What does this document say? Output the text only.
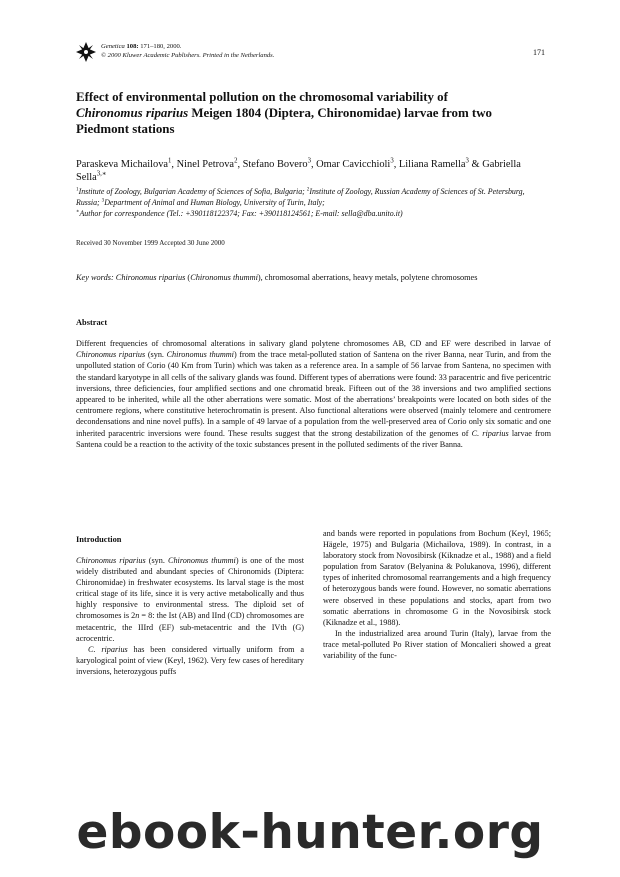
Genetica 108: 171–180, 2000.
© 2000 Kluwer Academic Publishers. Printed in the Netherlands.	171
Effect of environmental pollution on the chromosomal variability of
Chironomus riparius Meigen 1804 (Diptera, Chironomidae) larvae from two Piedmont stations
Paraskeva Michailova$^1$, Ninel Petrova$^2$, Stefano Bovero$^3$, Omar Cavicchioli$^3$, Liliana Ramella$^3$ & Gabriella Sella$^{3,∗}$
$^1$Institute of Zoology, Bulgarian Academy of Sciences of Sofia, Bulgaria; $^2$Institute of Zoology, Russian Academy of Sciences of St. Petersburg, Russia; $^3$Department of Animal and Human Biology, University of Turin, Italy;
∗Author for correspondence (Tel.: +390118122374; Fax: +390118124561; E-mail: sella@dba.unito.it)
Received 30 November 1999 Accepted 30 June 2000
Key words: Chironomus riparius (Chironomus thummi), chromosomal aberrations, heavy metals, polytene chromosomes
Abstract

Different frequencies of chromosomal alterations in salivary gland polytene chromosomes AB, CD and EF were described in larvae of Chironomus riparius (syn. Chironomus thummi) from the trace metal-polluted station of Santena on the river Banna, near Turin, and from the unpolluted station of Corio (40 Km from Turin) which was taken as a reference area. In a sample of 56 larvae from Santena, no specimen with the standard karyotype in all cells of the salivary glands was found. Different types of aberrations were found: 33 paracentric and five pericentric inversions, three deficiencies, four amplified sections and one chromatid break. Fifteen out of the 38 inversions and two amplified sections appeared to be inherited, while all the other aberrations were somatic. Most of the aberrations’ breakpoints were located on both sides of the centromere regions, where constitutive heterochromatin is present. Also functional alterations were observed (mainly telomere and centromere decondensations and nine novel puffs). In a sample of 49 larvae of a population from the well-preserved area of Corio only six somatic and one inherited paracentric inversions were found. These results suggest that the strong destabilization of the genomes of C. riparius larvae from Santena could be a reaction to the activity of the toxic substances present in the polluted sediments of the river Banna.

Introduction

Chironomus riparius (syn. Chironomus thummi) is one of the most widely distributed and abundant species of Chironomids (Diptera: Chironomidae) in freshwater ecosystems. Its larval stage is the most critical stage of its life, since it is very active metabolically and thus highly responsive to environmental stress. The diploid set of chromosomes is 2n = 8: the Ist (AB) and IInd (CD) chromosomes are metacentric, the IIIrd (EF) sub-metacentric and the IVth (G) acrocentric.

C. riparius has been considered virtually uniform from a karyological point of view (Keyl, 1962). Very few cases of hereditary inversions, heterozygous puffs

and bands were reported in populations from Bochum (Keyl, 1965; Hägele, 1975) and Bulgaria (Michailova, 1989). In contrast, in a laboratory stock from Novosibirsk (Kiknadze et al., 1988) and a field population from Saratov (Belyanina & Polukanova, 1996), different types of inherited chromosomal rearrangements and a high frequency of heterozygous bands were found. However, no somatic aberrations were observed in these populations and stocks, apart from two somatic aberrations in chromosome G in the Novosibirsk stock (Kiknadze et al., 1988).

In the industrialized area around Turin (Italy), larvae from the trace metal-polluted Po River station of Moncalieri showed a great variability of the func-

ebook-hunter.org
